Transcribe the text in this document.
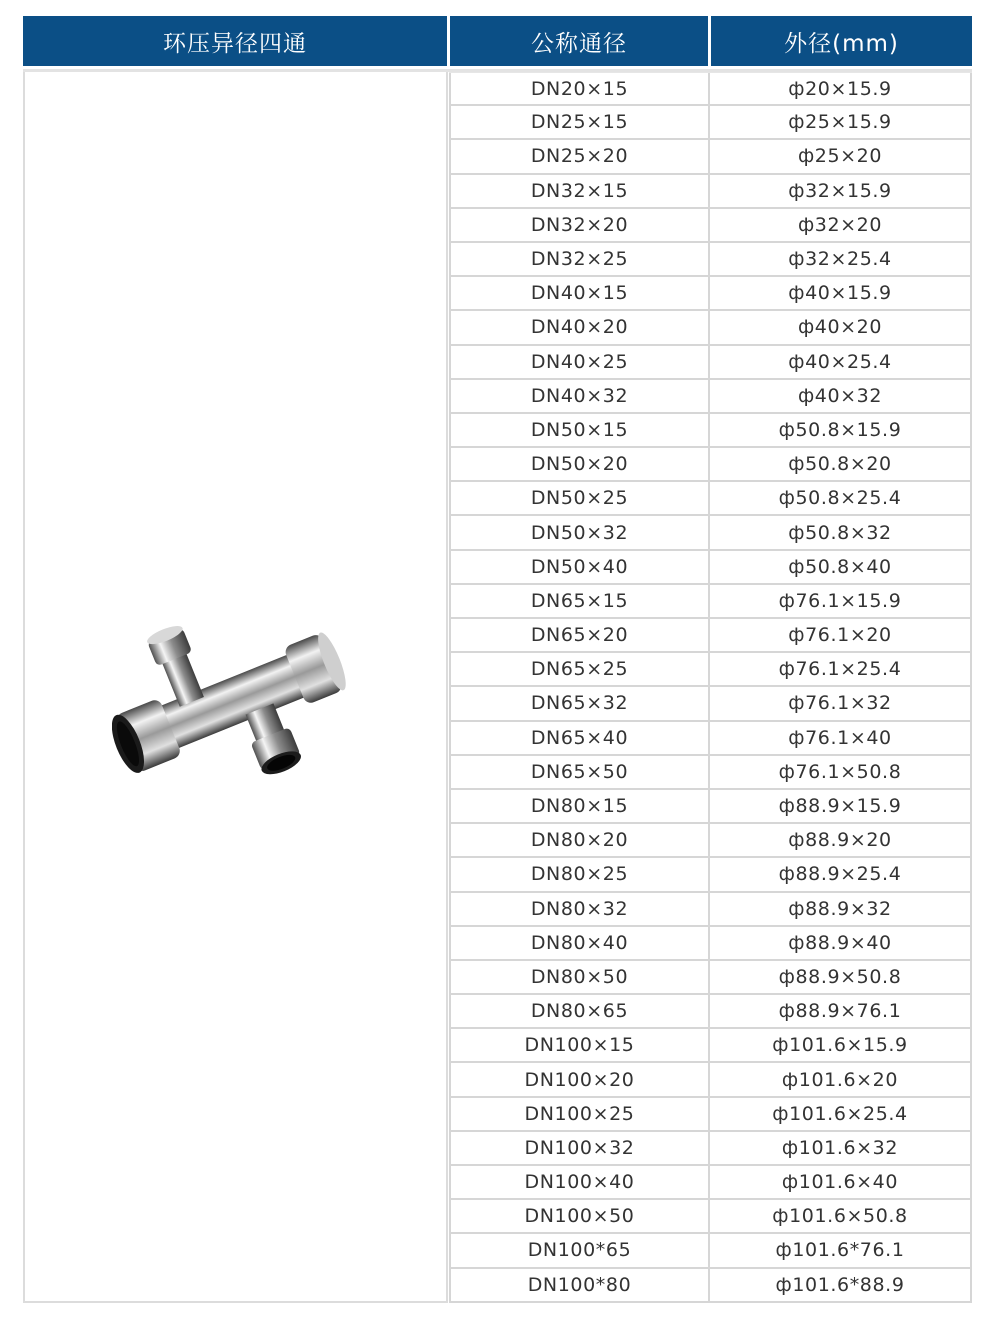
环压异径四通	公称通径	外径(mm)
DN20×15	ф20×15.9
DN25×15	ф25×15.9
DN25×20	ф25×20
DN32×15	ф32×15.9
DN32×20	ф32×20
DN32×25	ф32×25.4
DN40×15	ф40×15.9
DN40×20	ф40×20
DN40×25	ф40×25.4
DN40×32	ф40×32
DN50×15	ф50.8×15.9
DN50×20	ф50.8×20
DN50×25	ф50.8×25.4
DN50×32	ф50.8×32
DN50×40	ф50.8×40
DN65×15	ф76.1×15.9
DN65×20	ф76.1×20
DN65×25	ф76.1×25.4
DN65×32	ф76.1×32
DN65×40	ф76.1×40
DN65×50	ф76.1×50.8
DN80×15	ф88.9×15.9
DN80×20	ф88.9×20
DN80×25	ф88.9×25.4
DN80×32	ф88.9×32
DN80×40	ф88.9×40
DN80×50	ф88.9×50.8
DN80×65	ф88.9×76.1
DN100×15	ф101.6×15.9
DN100×20	ф101.6×20
DN100×25	ф101.6×25.4
DN100×32	ф101.6×32
DN100×40	ф101.6×40
DN100×50	ф101.6×50.8
DN100*65	ф101.6*76.1
DN100*80	ф101.6*88.9
